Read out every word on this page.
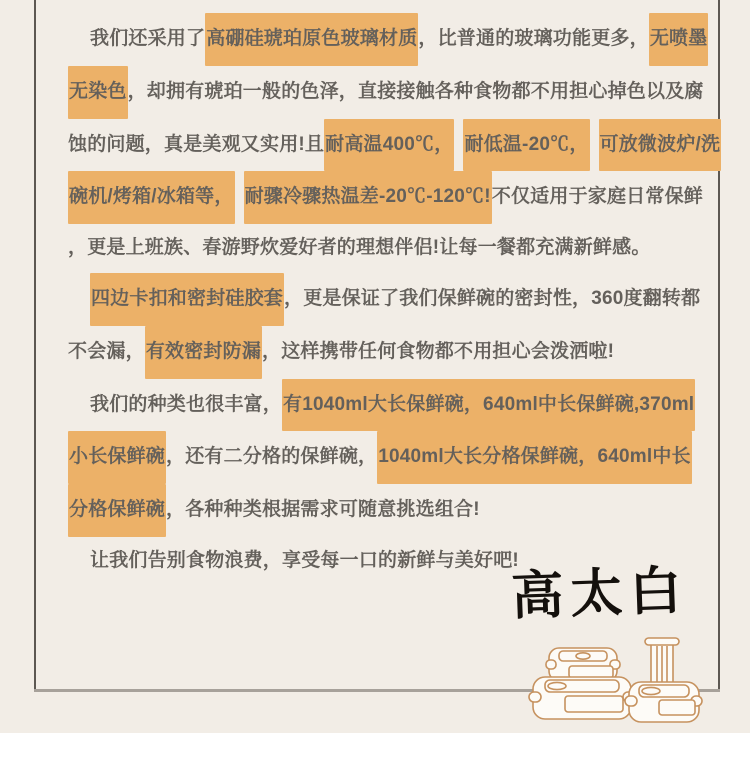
我们还采用了高硼硅琥珀原色玻璃材质，比普通的玻璃功能更多，无喷墨
无染色，却拥有琥珀一般的色泽，直接接触各种食物都不用担心掉色以及腐
蚀的问题，真是美观又实用!且耐高温400℃， 耐低温-20℃， 可放微波炉/洗
碗机/烤箱/冰箱等， 耐骤冷骤热温差-20℃-120℃!不仅适用于家庭日常保鲜
，更是上班族、春游野炊爱好者的理想伴侣!让每一餐都充满新鲜感。
四边卡扣和密封硅胶套，更是保证了我们保鲜碗的密封性，360度翻转都
不会漏，有效密封防漏，这样携带任何食物都不用担心会泼洒啦!
我们的种类也很丰富，有1040ml大长保鲜碗，640ml中长保鲜碗,370ml
小长保鲜碗，还有二分格的保鲜碗，1040ml大长分格保鲜碗，640ml中长
分格保鲜碗，各种种类根据需求可随意挑选组合!
让我们告别食物浪费，享受每一口的新鲜与美好吧!
高太白
